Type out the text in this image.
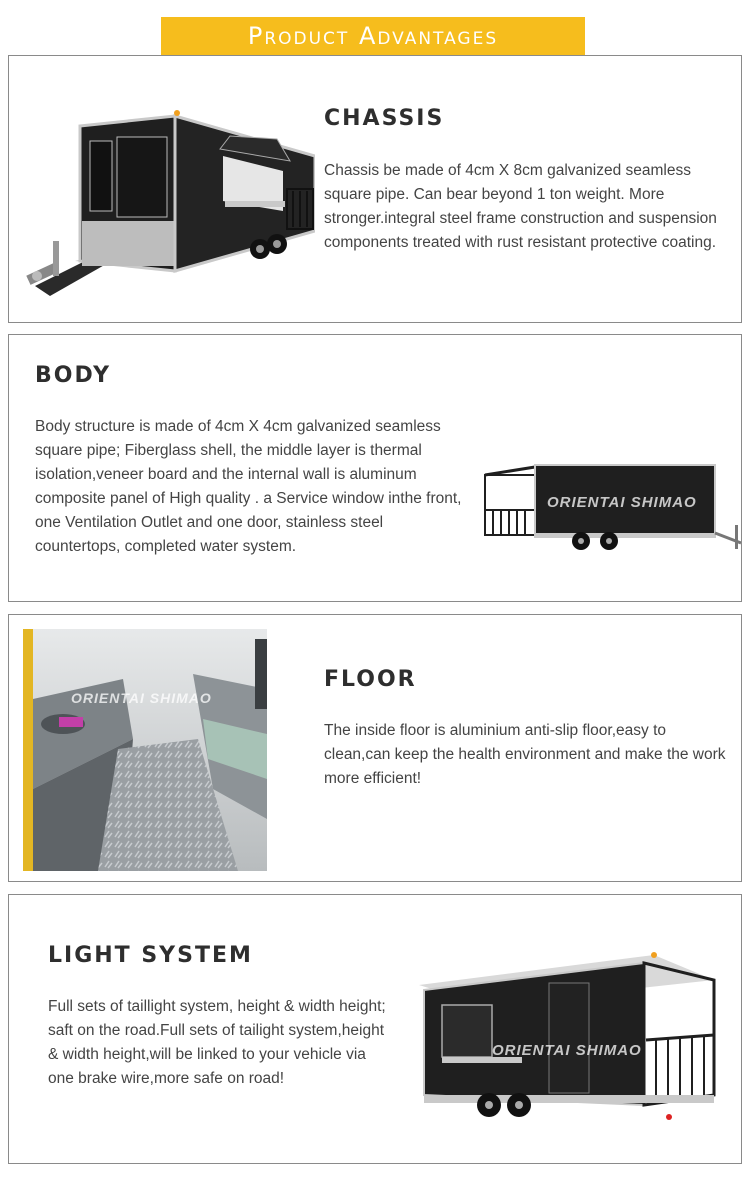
Product Advantages
CHASSIS
Chassis be made of 4cm X 8cm galvanized seamless square pipe. Can bear beyond 1 ton weight. More stronger.integral steel frame construction and suspension components treated with rust resistant protective coating.
BODY
Body structure is made of 4cm X 4cm galvanized seamless square pipe; Fiberglass shell, the middle layer is thermal isolation,veneer board and the internal wall is aluminum composite panel of High quality . a Service window inthe front, one Ventilation Outlet and one door, stainless steel countertops, completed water system.
ORIENTAI SHIMAO
ORIENTAI SHIMAO
FLOOR
The inside floor is aluminium anti-slip floor,easy to clean,can keep the health environment and make the work more efficient!
LIGHT SYSTEM
Full sets of taillight system, height & width height; saft on the road.Full sets of tailight system,height & width height,will be linked to your vehicle via one brake wire,more safe on road!
ORIENTAI SHIMAO
